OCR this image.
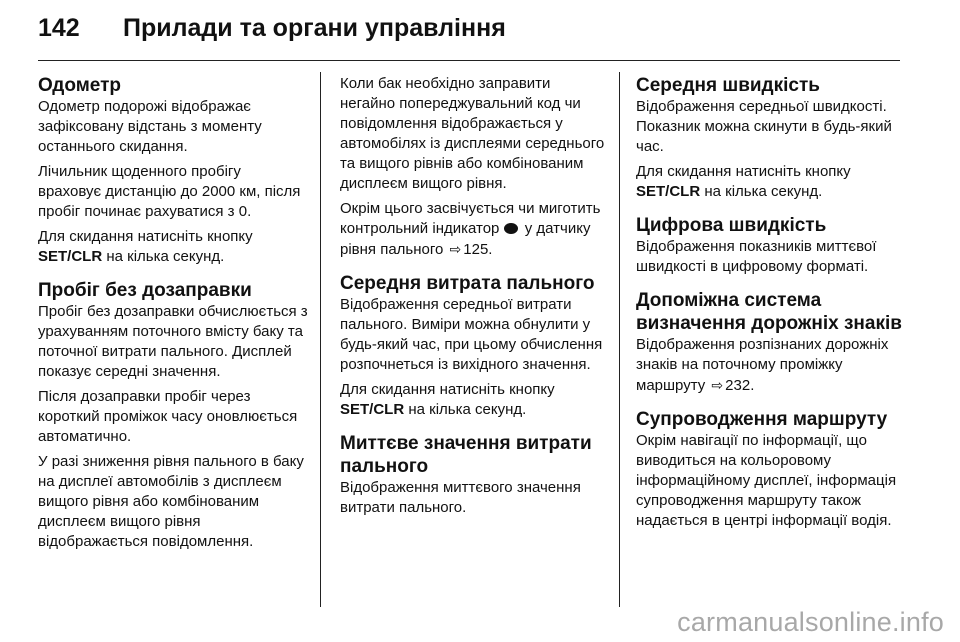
142	Прилади та органи управління
Одометр

Одометр подорожі відображає зафіксовану відстань з моменту останнього скидання.

Лічильник щоденного пробігу враховує дистанцію до 2000 км, після пробіг починає рахуватися з 0.

Для скидання натисніть кнопку SET/CLR на кілька секунд.

Пробіг без дозаправки

Пробіг без дозаправки обчислюється з урахуванням поточного вмісту баку та поточної витрати пального. Дисплей показує середні значення.

Після дозаправки пробіг через короткий проміжок часу оновлюється автоматично.

У разі зниження рівня пального в баку на дисплеї автомобілів з дисплеєм вищого рівня або комбінованим дисплеєм вищого рівня відображається повідомлення.

Коли бак необхідно заправити негайно попереджувальний код чи повідомлення відображається у автомобілях із дисплеями середнього та вищого рівнів або комбінованим дисплеєм вищого рівня.

Окрім цього засвічується чи миготить контрольний індикатор  у датчику рівня пального ⇨ 125.

Середня витрата пального

Відображення середньої витрати пального. Виміри можна обнулити у будь-який час, при цьому обчислення розпочнеться із вихідного значення.

Для скидання натисніть кнопку SET/CLR на кілька секунд.

Миттєве значення витрати пального

Відображення миттєвого значення витрати пального.

Середня швидкість

Відображення середньої швидкості. Показник можна скинути в будь-який час.

Для скидання натисніть кнопку SET/CLR на кілька секунд.

Цифрова швидкість

Відображення показників миттєвої швидкості в цифровому форматі.

Допоміжна система визначення дорожніх знаків

Відображення розпізнаних дорожніх знаків на поточному проміжку маршруту ⇨ 232.

Супроводження маршруту

Окрім навігації по інформації, що виводиться на кольоровому інформаційному дисплеї, інформація супроводження маршруту також надається в центрі інформації водія.

carmanualsonline.info
